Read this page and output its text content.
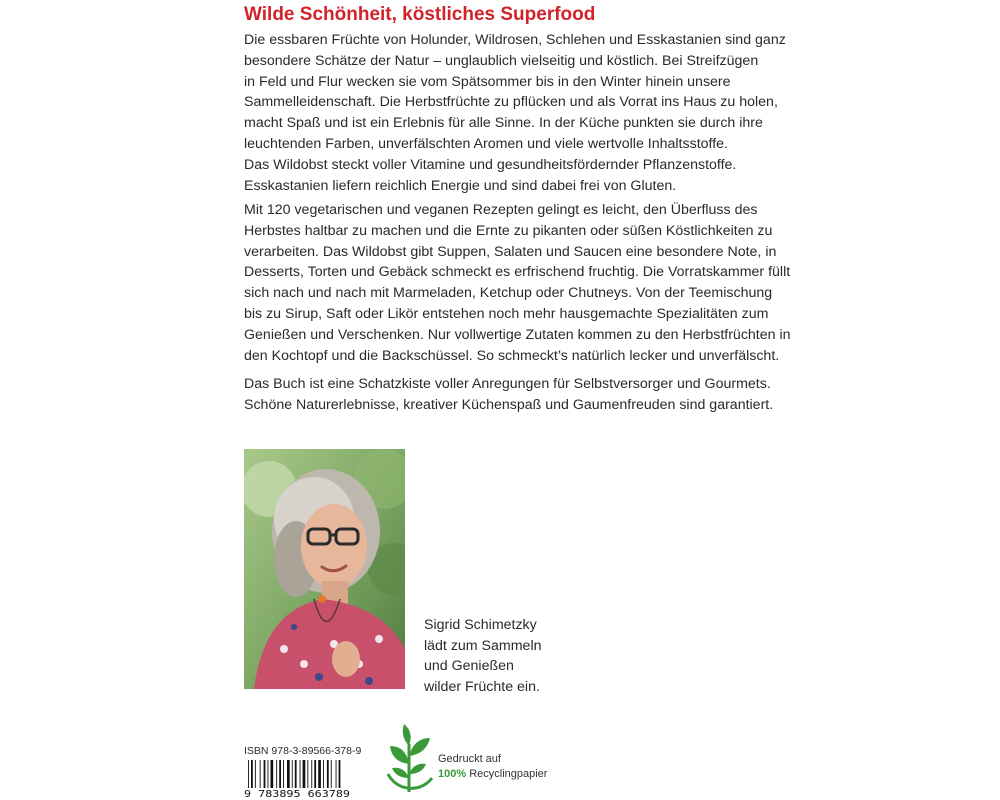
Wilde Schönheit, köstliches Superfood
Die essbaren Früchte von Holunder, Wildrosen, Schlehen und Esskastanien sind ganz
besondere Schätze der Natur – unglaublich vielseitig und köstlich. Bei Streifzügen
in Feld und Flur wecken sie vom Spätsommer bis in den Winter hinein unsere
Sammelleidenschaft. Die Herbstfrüchte zu pflücken und als Vorrat ins Haus zu holen,
macht Spaß und ist ein Erlebnis für alle Sinne. In der Küche punkten sie durch ihre
leuchtenden Farben, unverfälschten Aromen und viele wertvolle Inhaltsstoffe.
Das Wildobst steckt voller Vitamine und gesundheitsfördernder Pflanzenstoffe.
Esskastanien liefern reichlich Energie und sind dabei frei von Gluten.
Mit 120 vegetarischen und veganen Rezepten gelingt es leicht, den Überfluss des
Herbstes haltbar zu machen und die Ernte zu pikanten oder süßen Köstlichkeiten zu
verarbeiten. Das Wildobst gibt Suppen, Salaten und Saucen eine besondere Note, in
Desserts, Torten und Gebäck schmeckt es erfrischend fruchtig. Die Vorratskammer füllt
sich nach und nach mit Marmeladen, Ketchup oder Chutneys. Von der Teemischung
bis zu Sirup, Saft oder Likör entstehen noch mehr hausgemachte Spezialitäten zum
Genießen und Verschenken. Nur vollwertige Zutaten kommen zu den Herbstfrüchten in
den Kochtopf und die Backschüssel. So schmeckt’s natürlich lecker und unverfälscht.
Das Buch ist eine Schatzkiste voller Anregungen für Selbstversorger und Gourmets.
Schöne Naturerlebnisse, kreativer Küchenspaß und Gaumenfreuden sind garantiert.
Sigrid Schimetzky
lädt zum Sammeln
und Genießen
wilder Früchte ein.
ISBN 978-3-89566-378-9
9 783895 663789
Gedruckt auf
100% Recyclingpapier
